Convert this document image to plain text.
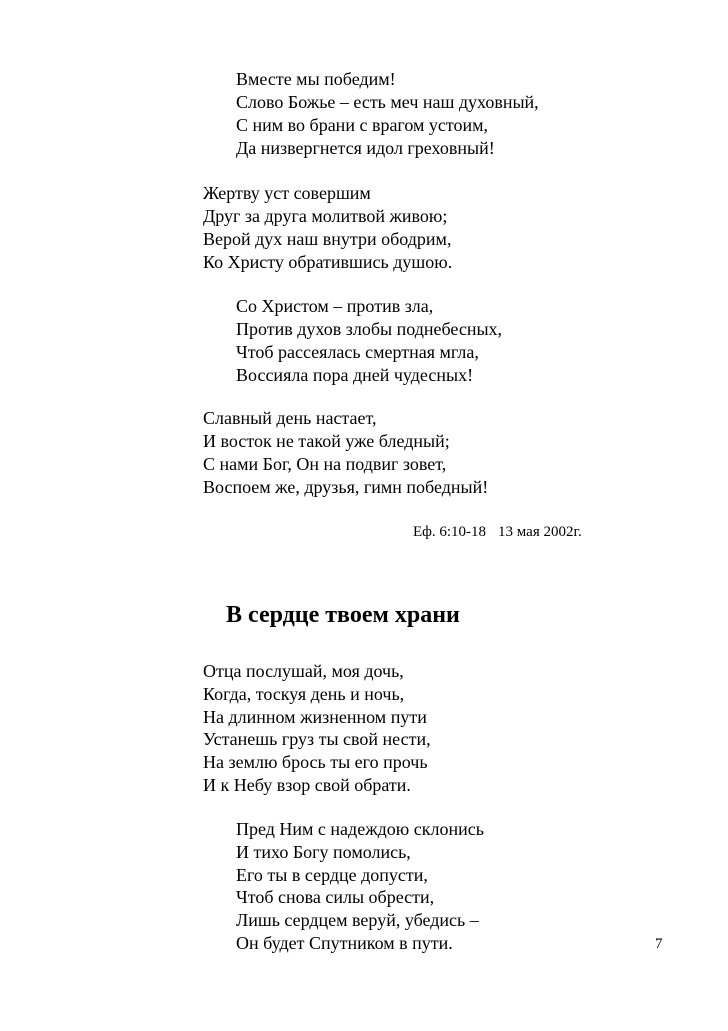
Вместе мы победим!
Слово Божье – есть меч наш духовный,
С ним во брани с врагом устоим,
Да низвергнется идол греховный!
Жертву уст совершим
Друг за друга молитвой живою;
Верой дух наш внутри ободрим,
Ко Христу обратившись душою.
Со Христом – против зла,
Против духов злобы поднебесных,
Чтоб рассеялась смертная мгла,
Воссияла пора дней чудесных!
Славный день настает,
И восток не такой уже бледный;
С нами Бог, Он на подвиг зовет,
Воспоем же, друзья, гимн победный!
Еф. 6:10-18 13 мая 2002г.
В сердце твоем храни
Отца послушай, моя дочь,
Когда, тоскуя день и ночь,
На длинном жизненном пути
Устанешь груз ты свой нести,
На землю брось ты его прочь
И к Небу взор свой обрати.
Пред Ним с надеждою склонись
И тихо Богу помолись,
Его ты в сердце допусти,
Чтоб снова силы обрести,
Лишь сердцем веруй, убедись –
Он будет Спутником в пути.	7
